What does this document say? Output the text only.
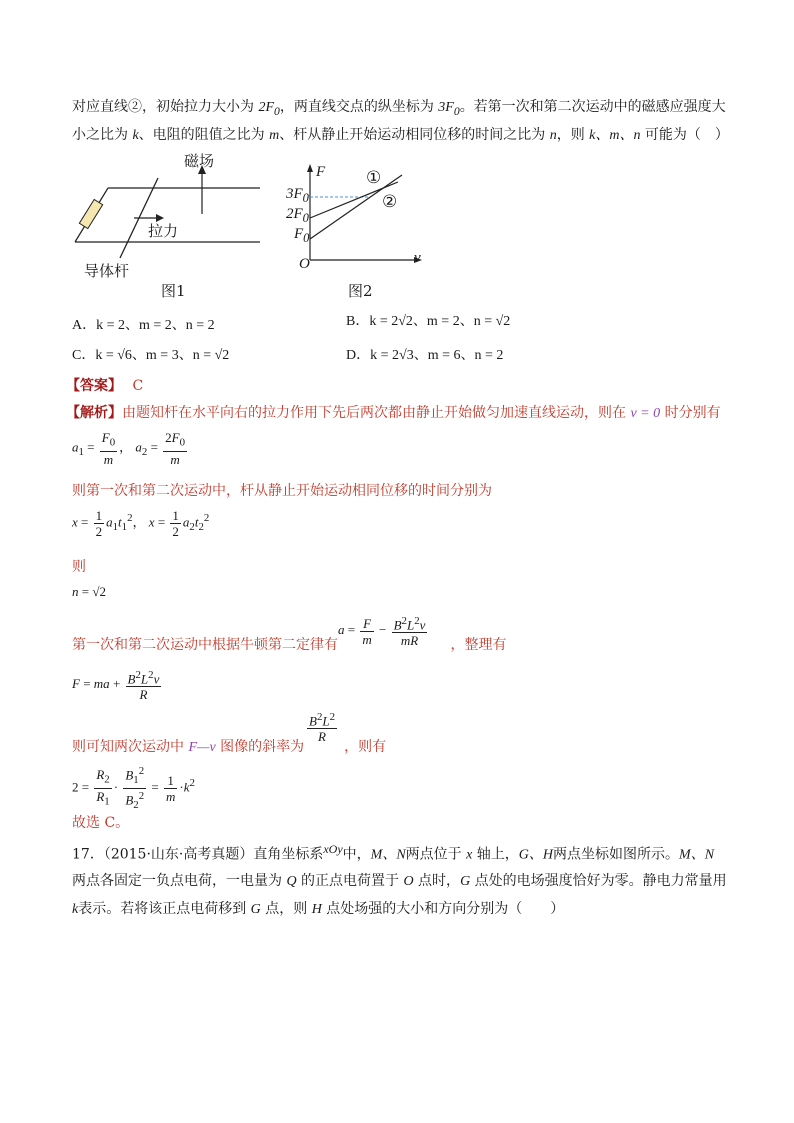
对应直线②，初始拉力大小为 $2F_0$，两直线交点的纵坐标为 $3F_0$。若第一次和第二次运动中的磁感应强度大
小之比为 k、电阻的阻值之比为 m、杆从静止开始运动相同位移的时间之比为 n，则 k、m、n 可能为（　）
磁场
拉力
导体杆
图1
F
v
O
$3F_0$
$2F_0$
$F_0$
①
②
图2
A．k = 2、m = 2、n = 2	B．k = 2√2、m = 2、n = √2
C．k = √6、m = 3、n = √2	D．k = 2√3、m = 6、n = 2
【答案】 C
【解析】由题知杆在水平向右的拉力作用下先后两次都由静止开始做匀加速直线运动，则在 v = 0 时分别有
$a_1 = \frac{F_0}{m}$ ， $a_2 = \frac{2F_0}{m}$
则第一次和第二次运动中，杆从静止开始运动相同位移的时间分别为
$x = \frac{1}{2} a_1t_1^2$， $x = \frac{1}{2} a_2t_2^2$
则
n = √2
第一次和第二次运动中根据牛顿第二定律有	，整理有
$a = \frac{F}{m} - \frac{B^2L^2v}{mR}$
F = ma + $\frac{B^2L^2v}{R}$
则可知两次运动中 F—v 图像的斜率为	，则有
$\frac{B^2L^2}{R}$
$2 = \frac{R_2}{R_1} \cdot \frac{B_1^2}{B_2^2} = \frac{1}{m} \cdot k^2$
故选 C。
17．（2015·山东·高考真题）直角坐标系$^{xOy}$中，M、N两点位于 x 轴上，G、H两点坐标如图所示。M、N
两点各固定一负点电荷，一电量为 Q 的正点电荷置于 O 点时，G 点处的电场强度恰好为零。静电力常量用
k表示。若将该正点电荷移到 G 点，则 H 点处场强的大小和方向分别为（　　）
